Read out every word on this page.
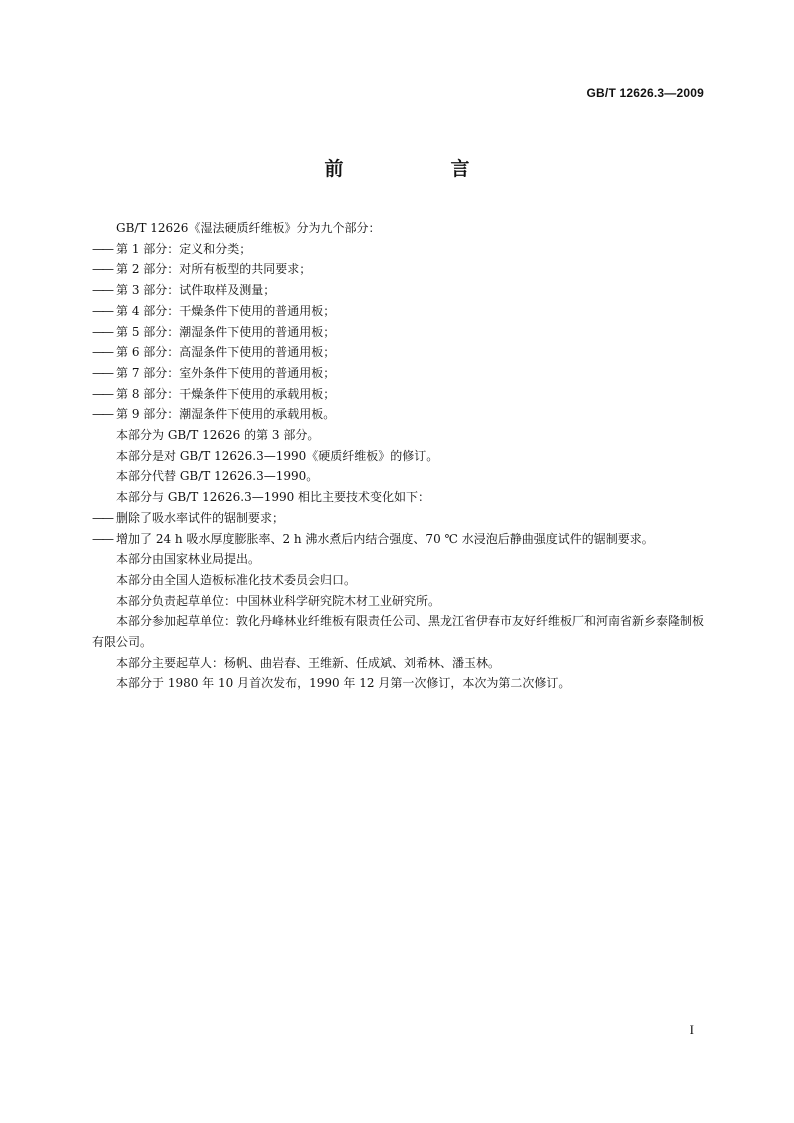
GB/T 12626.3—2009
前　言

GB/T 12626《湿法硬质纤维板》分为九个部分：

—— 第 1 部分：定义和分类；

—— 第 2 部分：对所有板型的共同要求；

—— 第 3 部分：试件取样及测量；

—— 第 4 部分：干燥条件下使用的普通用板；

—— 第 5 部分：潮湿条件下使用的普通用板；

—— 第 6 部分：高湿条件下使用的普通用板；

—— 第 7 部分：室外条件下使用的普通用板；

—— 第 8 部分：干燥条件下使用的承载用板；

—— 第 9 部分：潮湿条件下使用的承载用板。

本部分为 GB/T 12626 的第 3 部分。

本部分是对 GB/T 12626.3—1990《硬质纤维板》的修订。

本部分代替 GB/T 12626.3—1990。

本部分与 GB/T 12626.3—1990 相比主要技术变化如下：

—— 删除了吸水率试件的锯制要求；

—— 增加了 24 h 吸水厚度膨胀率、2 h 沸水煮后内结合强度、70 ℃ 水浸泡后静曲强度试件的锯制要求。

本部分由国家林业局提出。

本部分由全国人造板标准化技术委员会归口。

本部分负责起草单位：中国林业科学研究院木材工业研究所。

本部分参加起草单位：敦化丹峰林业纤维板有限责任公司、黑龙江省伊春市友好纤维板厂和河南省新乡泰隆制板有限公司。

本部分主要起草人：杨帆、曲岩春、王维新、任成斌、刘希林、潘玉林。

本部分于 1980 年 10 月首次发布，1990 年 12 月第一次修订，本次为第二次修订。

I
